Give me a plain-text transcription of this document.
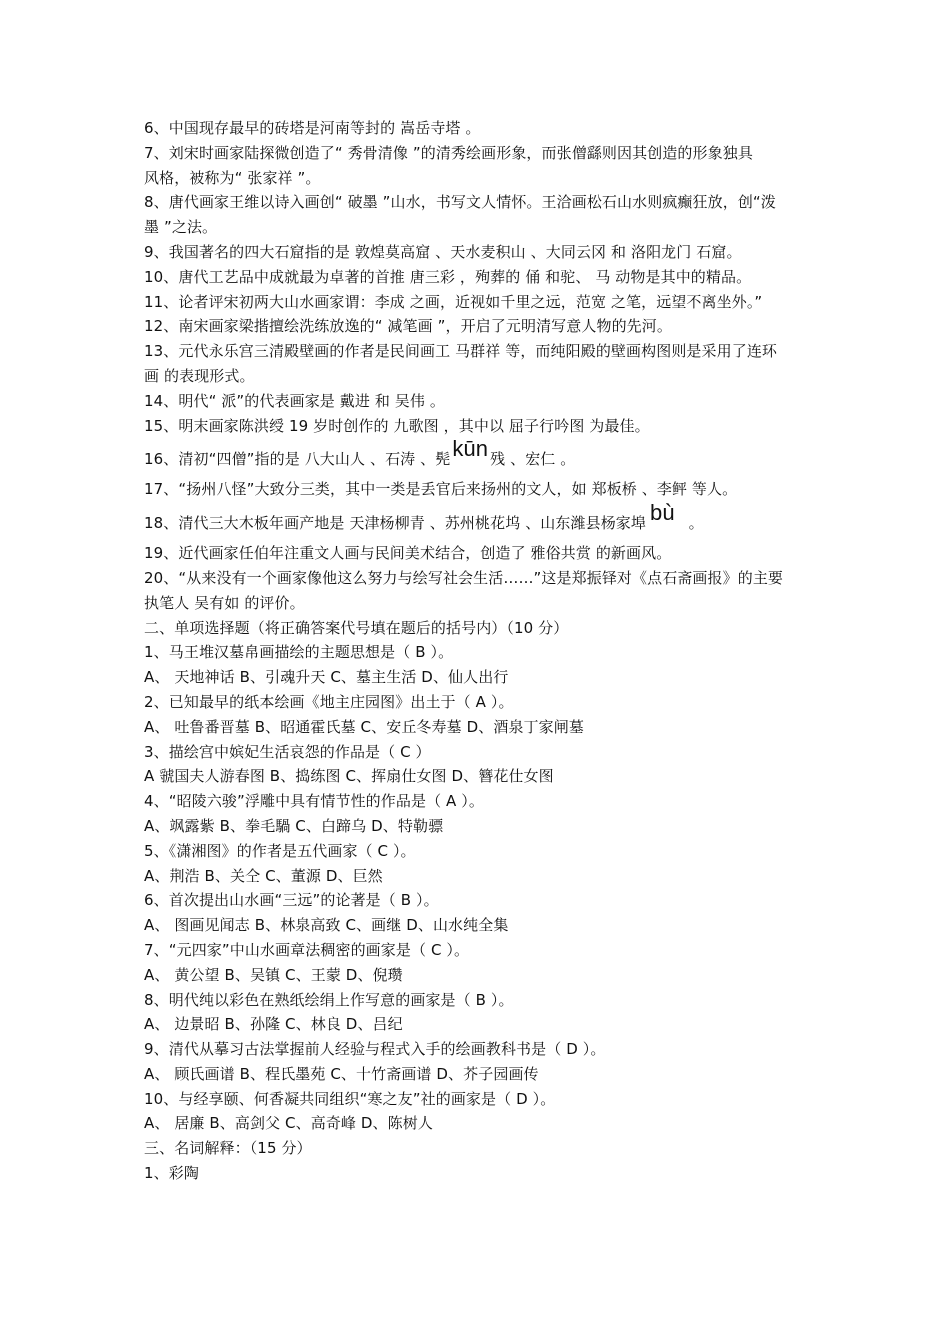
6、中国现存最早的砖塔是河南等封的 嵩岳寺塔 。
7、刘宋时画家陆探微创造了“ 秀骨清像 ”的清秀绘画形象，而张僧繇则因其创造的形象独具
风格，被称为“ 张家祥 ”。
8、唐代画家王维以诗入画创“ 破墨 ”山水，书写文人情怀。王洽画松石山水则疯癫狂放，创“泼
墨 ”之法。
9、我国著名的四大石窟指的是 敦煌莫高窟 、天水麦积山 、大同云冈 和 洛阳龙门 石窟。
10、唐代工艺品中成就最为卓著的首推 唐三彩 ，殉葬的 俑 和驼、 马 动物是其中的精品。
11、论者评宋初两大山水画家谓：李成 之画，近视如千里之远，范宽 之笔，远望不离坐外。”
12、南宋画家梁揩擅绘洗练放逸的“ 减笔画 ”，开启了元明清写意人物的先河。
13、元代永乐宫三清殿壁画的作者是民间画工 马群祥 等，而纯阳殿的壁画构图则是采用了连环
画 的表现形式。
14、明代“ 派”的代表画家是 戴进 和 吴伟 。
15、明末画家陈洪绶 19 岁时创作的 九歌图 ，其中以 屈子行吟图 为最佳。
16、清初“四僧”指的是 八大山人 、石涛 、髡kūn 残 、宏仁 。
17、“扬州八怪”大致分三类，其中一类是丢官后来扬州的文人，如 郑板桥 、李鲆 等人。
18、清代三大木板年画产地是 天津杨柳青 、苏州桃花坞 、山东潍县杨家埠 bù 。
19、近代画家任伯年注重文人画与民间美术结合，创造了 雅俗共赏 的新画风。
20、“从来没有一个画家像他这么努力与绘写社会生活……”这是郑振铎对《点石斋画报》的主要
执笔人 吴有如 的评价。
二、单项选择题（将正确答案代号填在题后的括号内）（10 分）
1、马王堆汉墓帛画描绘的主题思想是（ B ）。
A、 天地神话 B、引魂升天 C、墓主生活 D、仙人出行
2、已知最早的纸本绘画《地主庄园图》出土于（ A ）。
A、 吐鲁番晋墓 B、昭通霍氏墓 C、安丘冬寿墓 D、酒泉丁家闸墓
3、描绘宫中嫔妃生活哀怨的作品是（ C ）
A 虢国夫人游春图 B、捣练图 C、挥扇仕女图 D、簪花仕女图
4、“昭陵六骏”浮雕中具有情节性的作品是（ A ）。
A、飒露紫 B、拳毛騧 C、白蹄乌 D、特勒骠
5、《潇湘图》的作者是五代画家（ C ）。
A、荆浩 B、关仝 C、董源 D、巨然
6、首次提出山水画“三远”的论著是（ B ）。
A、 图画见闻志 B、林泉高致 C、画继 D、山水纯全集
7、“元四家”中山水画章法稠密的画家是（ C ）。
A、 黄公望 B、吴镇 C、王蒙 D、倪瓒
8、明代纯以彩色在熟纸绘绢上作写意的画家是（ B ）。
A、 边景昭 B、孙隆 C、林良 D、吕纪
9、清代从摹习古法掌握前人经验与程式入手的绘画教科书是（ D ）。
A、 顾氏画谱 B、程氏墨苑 C、十竹斋画谱 D、芥子园画传
10、与经享颐、何香凝共同组织“寒之友”社的画家是（ D ）。
A、 居廉 B、高剑父 C、高奇峰 D、陈树人
三、名词解释：（15 分）
1、彩陶
